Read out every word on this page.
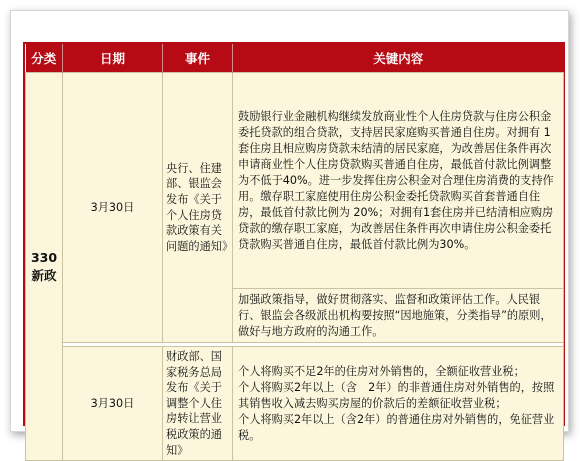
分类	日期	事件	关键内容
330新政	3月30日	央行、住建部、银监会发布《关于个人住房贷款政策有关问题的通知》	鼓励银行业金融机构继续发放商业性个人住房贷款与住房公积金委托贷款的组合贷款，支持居民家庭购买普通自住房。对拥有 1套住房且相应购房贷款未结清的居民家庭，为改善居住条件再次申请商业性个人住房贷款购买普通自住房，最低首付款比例调整为不低于40%。进一步发挥住房公积金对合理住房消费的支持作用。缴存职工家庭使用住房公积金委托贷款购买首套普通自住房，最低首付款比例为 20%；对拥有1套住房并已结清相应购房贷款的缴存职工家庭，为改善居住条件再次申请住房公积金委托贷款购买普通自住房，最低首付款比例为30%。
			加强政策指导，做好贯彻落实、监督和政策评估工作。人民银行、银监会各级派出机构要按照“因地施策，分类指导”的原则，做好与地方政府的沟通工作。

	3月30日	财政部、国家税务总局发布《关于调整个人住房转让营业税政策的通知》	个人将购买不足2年的住房对外销售的，全额征收营业税；

个人将购买2年以上（含　2年）的非普通住房对外销售的，按照其销售收入减去购买房屋的价款后的差额征收营业税；

个人将购买2年以上（含2年）的普通住房对外销售的，免征营业税。
